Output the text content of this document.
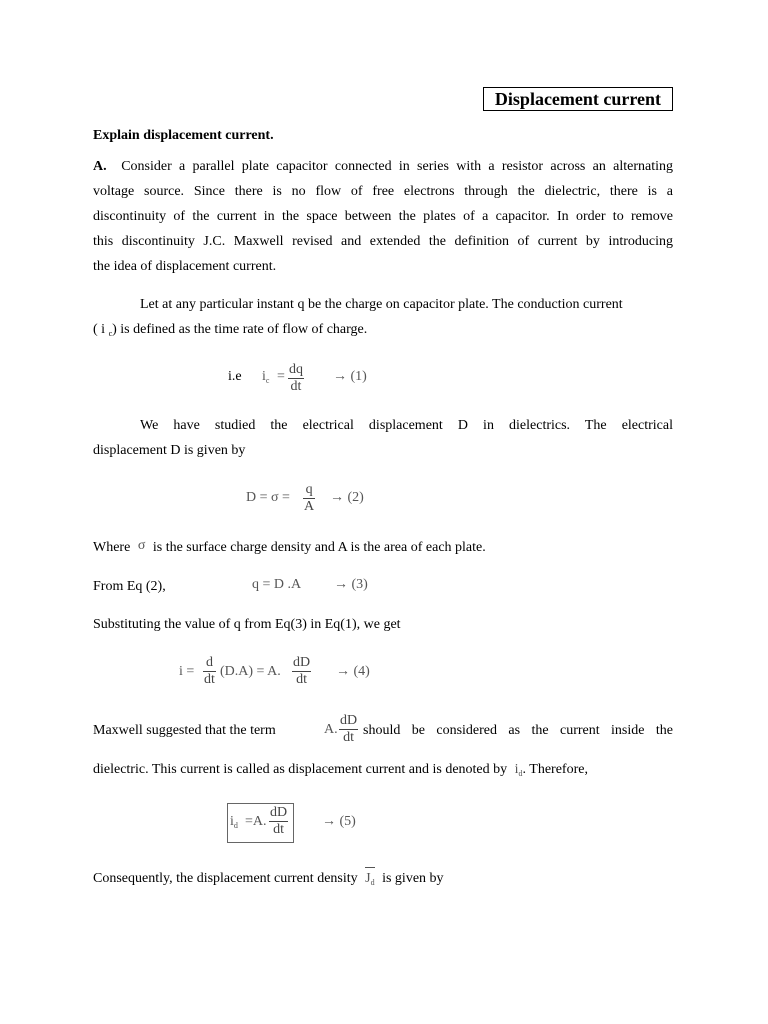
Displacement current
Explain displacement current.
A. Consider a parallel plate capacitor connected in series with a resistor across an alternating
voltage source. Since there is no flow of free electrons through the dielectric, there is a
discontinuity of the current in the space between the plates of a capacitor. In order to remove
this discontinuity J.C. Maxwell revised and extended the definition of current by introducing
the idea of displacement current.
Let at any particular instant q be the charge on capacitor plate. The conduction current
( i $_c$) is defined as the time rate of flow of charge.
i.e $i_c$ = dq
dt
→ (1)
We have studied the electrical displacement D in dielectrics. The electrical
displacement D is given by
D = σ =
q
A
→ (2)
Where σ is the surface charge density and A is the area of each plate.
From Eq (2),	q = D .A → (3)
Substituting the value of q from Eq(3) in Eq(1), we get
i =
d
dt
(D.A) = A.
dD
dt
→ (4)
Maxwell suggested that the term	A.
dD
dt should be considered as the current inside the
dielectric. This current is called as displacement current and is denoted by $i_d$. Therefore,
$i_d =A$.
dD
dt
→ (5)
Consequently, the displacement current density $J_d$ is given by
